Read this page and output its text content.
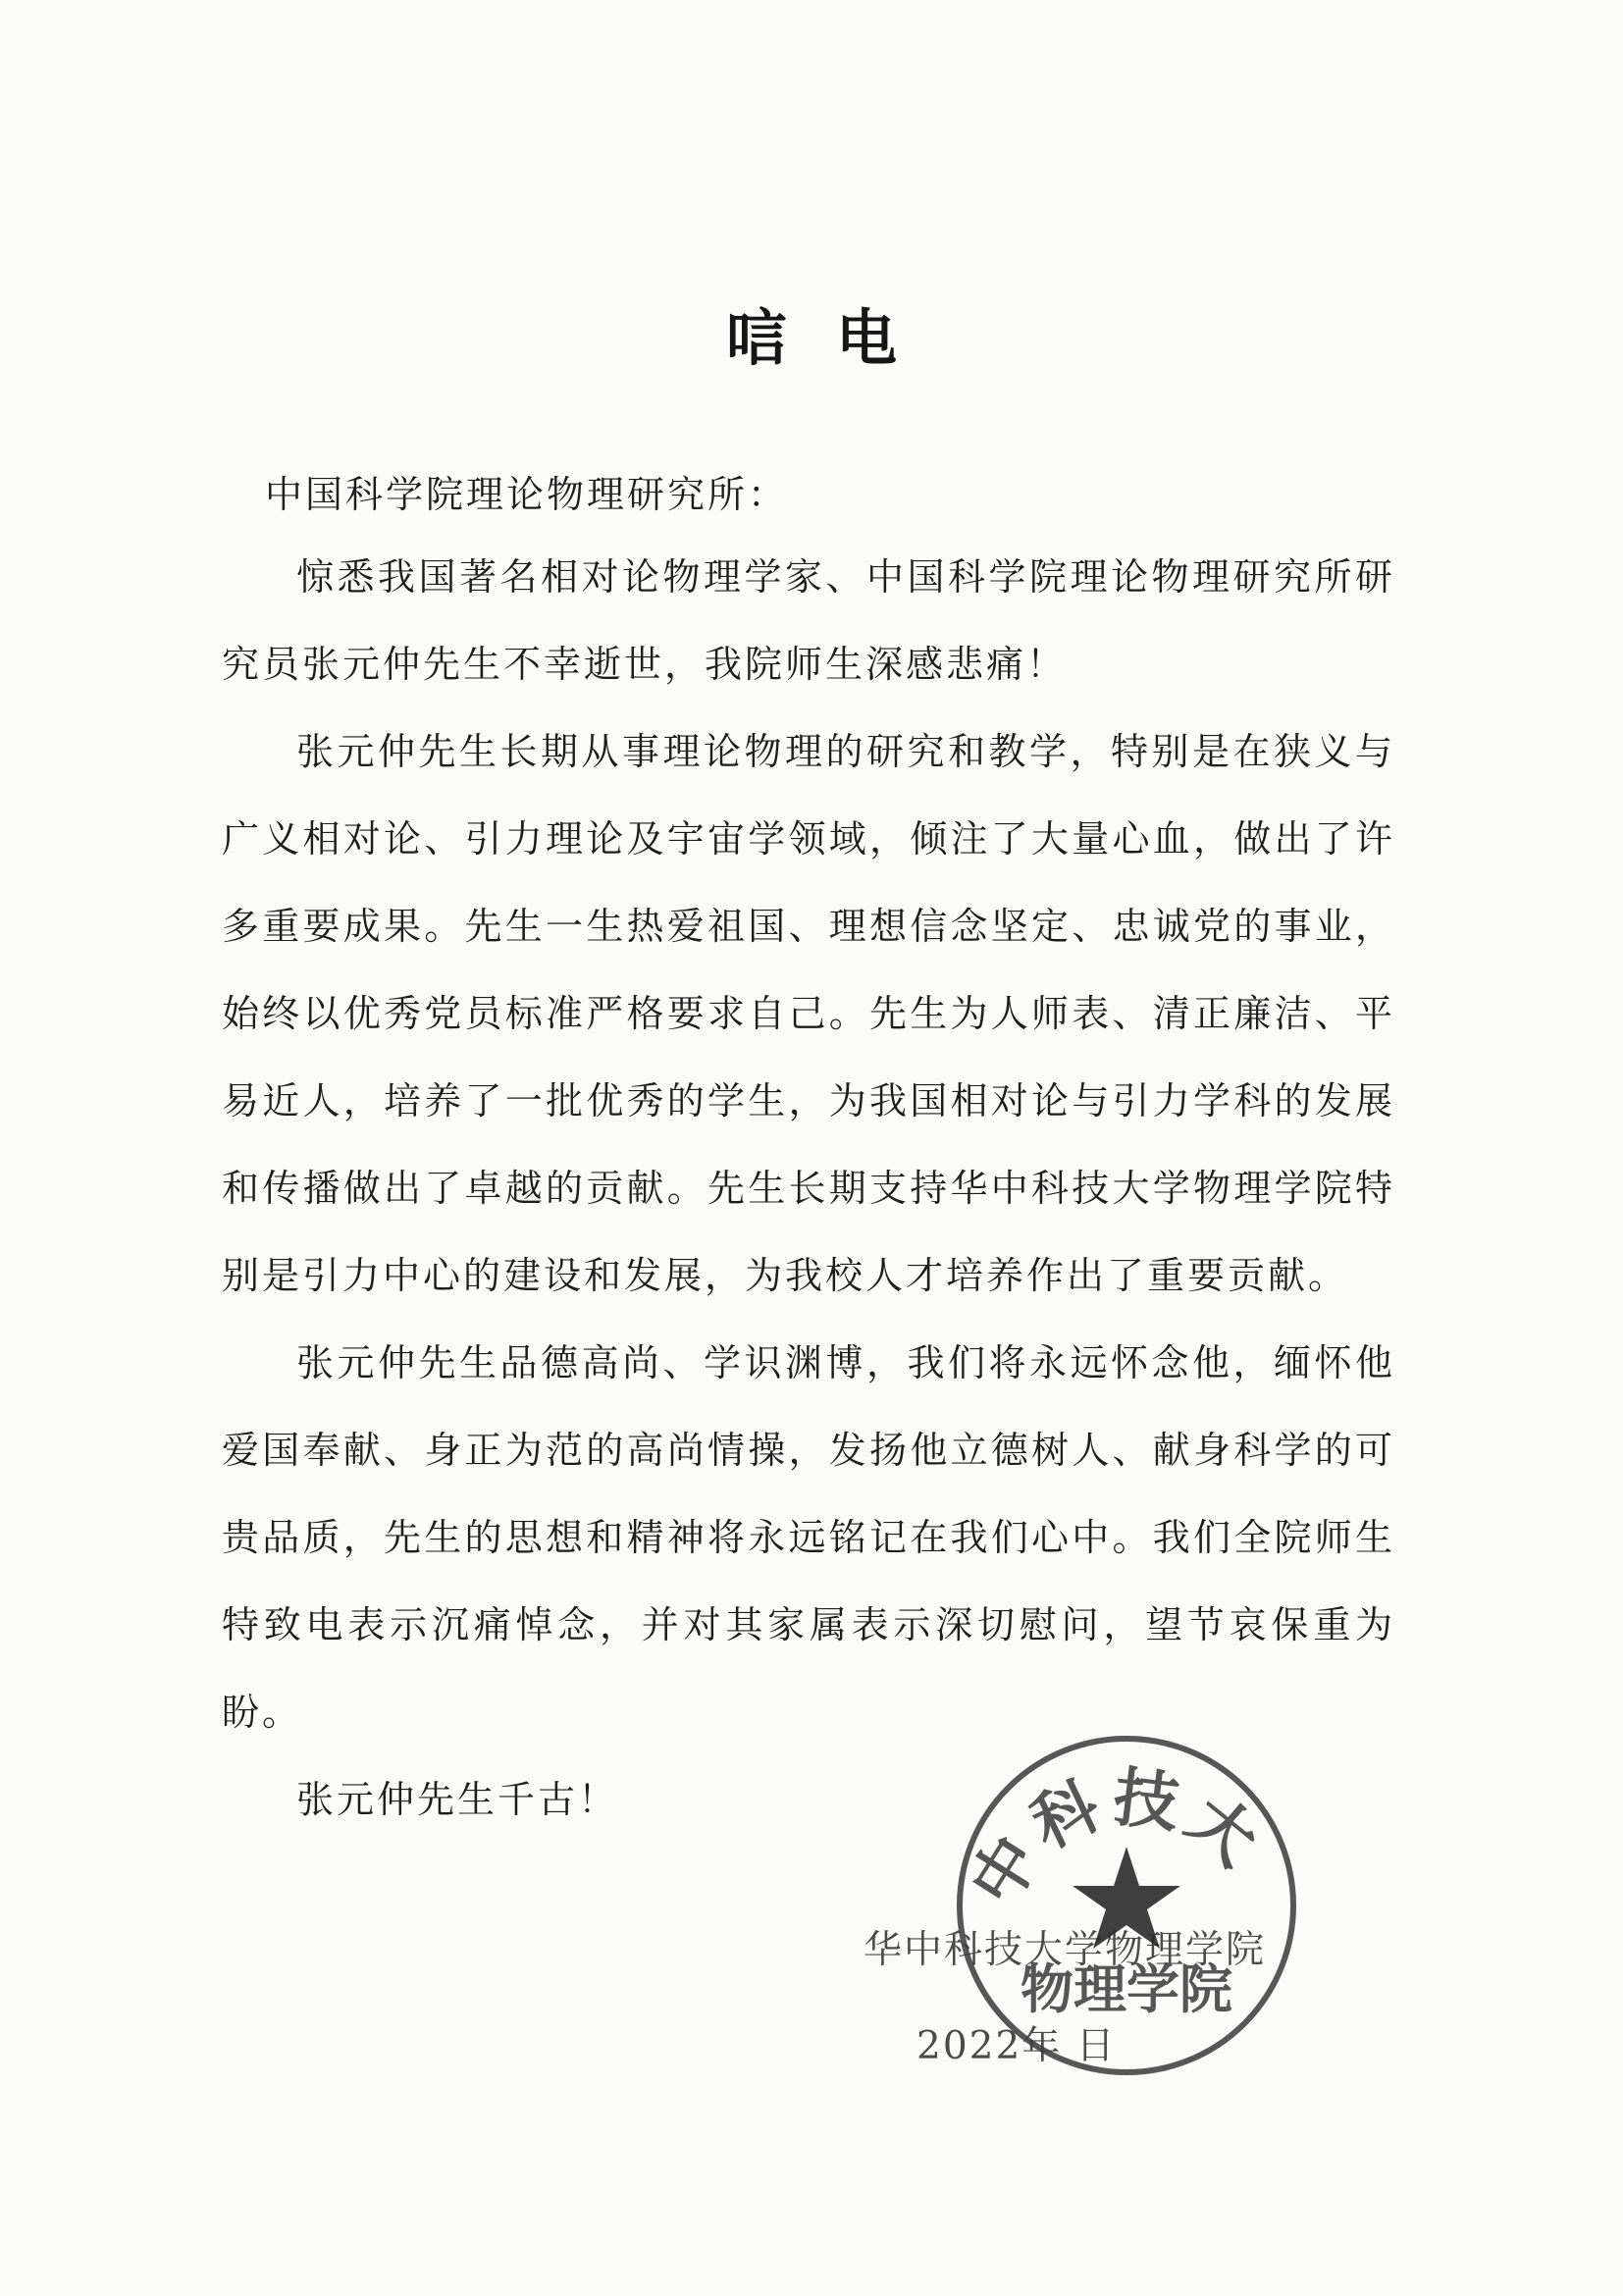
唁电
中国科学院理论物理研究所：

惊悉我国著名相对论物理学家、中国科学院理论物理研究所研究员张元仲先生不幸逝世，我院师生深感悲痛！

张元仲先生长期从事理论物理的研究和教学，特别是在狭义与广义相对论、引力理论及宇宙学领域，倾注了大量心血，做出了许多重要成果。先生一生热爱祖国、理想信念坚定、忠诚党的事业，始终以优秀党员标准严格要求自己。先生为人师表、清正廉洁、平易近人，培养了一批优秀的学生，为我国相对论与引力学科的发展和传播做出了卓越的贡献。先生长期支持华中科技大学物理学院特别是引力中心的建设和发展，为我校人才培养作出了重要贡献。

张元仲先生品德高尚、学识渊博，我们将永远怀念他，缅怀他爱国奉献、身正为范的高尚情操，发扬他立德树人、献身科学的可贵品质，先生的思想和精神将永远铭记在我们心中。我们全院师生特致电表示沉痛悼念，并对其家属表示深切慰问，望节哀保重为盼。

张元仲先生千古！

华中科技大学物理学院
2022年 日
中科技大
物理学院
